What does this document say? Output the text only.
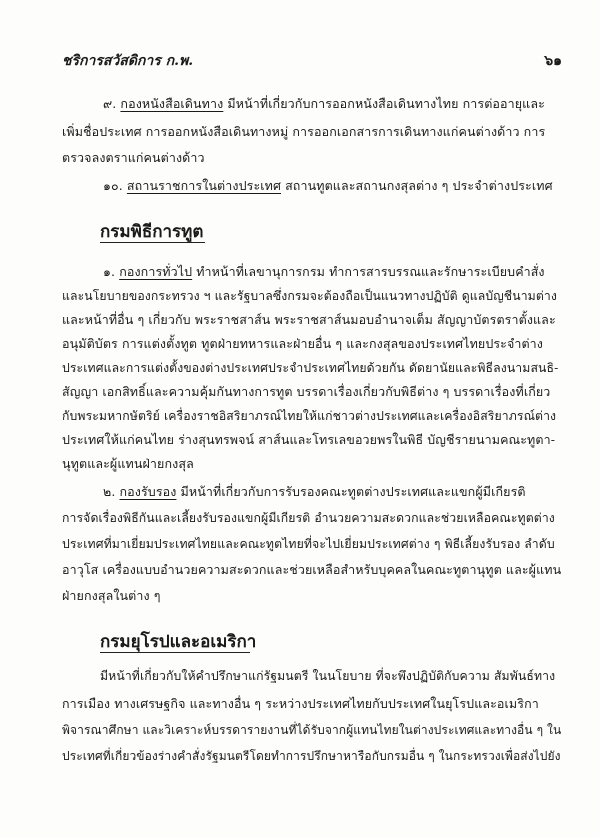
ชริการสวัสดิการ ก.พ.	๖๑
๙. กองหนังสือเดินทาง มีหน้าที่เกี่ยวกับการออกหนังสือเดินทางไทย การต่ออายุและ
เพิ่มชื่อประเทศ การออกหนังสือเดินทางหมู่ การออกเอกสารการเดินทางแก่คนต่างด้าว การ
ตรวจลงตราแก่คนต่างด้าว
๑๐. สถานราชการในต่างประเทศ สถานทูตและสถานกงสุลต่าง ๆ ประจำต่างประเทศ
กรมพิธีการทูต
๑. กองการทั่วไป ทำหน้าที่เลขานุการกรม ทำการสารบรรณและรักษาระเบียบคำสั่ง
และนโยบายของกระทรวง ฯ และรัฐบาลซึ่งกรมจะต้องถือเป็นแนวทางปฏิบัติ ดูแลบัญชีนามต่าง
และหน้าที่อื่น ๆ เกี่ยวกับ พระราชสาส์น พระราชสาส์นมอบอำนาจเต็ม สัญญาบัตรตราตั้งและ
อนุมัติบัตร การแต่งตั้งทูต ทูตฝ่ายทหารและฝ่ายอื่น ๆ และกงสุลของประเทศไทยประจำต่าง
ประเทศและการแต่งตั้งของต่างประเทศประจำประเทศไทยด้วยกัน ดัดยานัยและพิธีลงนามสนธิ-
สัญญา เอกสิทธิ์และความคุ้มกันทางการทูต บรรดาเรื่องเกี่ยวกับพิธีต่าง ๆ บรรดาเรื่องที่เกี่ยว
กับพระมหากษัตริย์ เครื่องราชอิสริยาภรณ์ไทยให้แก่ชาวต่างประเทศและเครื่องอิสริยาภรณ์ต่าง
ประเทศให้แก่คนไทย ร่างสุนทรพจน์ สาส์นและโทรเลขอวยพรในพิธี บัญชีรายนามคณะทูตา-
นุทูตและผู้แทนฝ่ายกงสุล
๒. กองรับรอง มีหน้าที่เกี่ยวกับการรับรองคณะทูตต่างประเทศและแขกผู้มีเกียรติ
การจัดเรื่องพิธีกันและเลี้ยงรับรองแขกผู้มีเกียรติ อำนวยความสะดวกและช่วยเหลือคณะทูตต่าง
ประเทศที่มาเยี่ยมประเทศไทยและคณะทูตไทยที่จะไปเยี่ยมประเทศต่าง ๆ พิธีเลี้ยงรับรอง ลำดับ
อาวุโส เครื่องแบบอำนวยความสะดวกและช่วยเหลือสำหรับบุคคลในคณะทูตานุทูต และผู้แทน
ฝ่ายกงสุลในต่าง ๆ
กรมยุโรปและอเมริกา
มีหน้าที่เกี่ยวกับให้คำปรึกษาแก่รัฐมนตรี ในนโยบาย ที่จะพึงปฏิบัติกับความ สัมพันธ์ทาง
การเมือง ทางเศรษฐกิจ และทางอื่น ๆ ระหว่างประเทศไทยกับประเทศในยุโรปและอเมริกา
พิจารณาศึกษา และวิเคราะห์บรรดารายงานที่ได้รับจากผู้แทนไทยในต่างประเทศและทางอื่น ๆ ใน
ประเทศที่เกี่ยวข้องร่างคำสั่งรัฐมนตรีโดยทำการปรึกษาหารือกับกรมอื่น ๆ ในกระทรวงเพื่อส่งไปยัง
